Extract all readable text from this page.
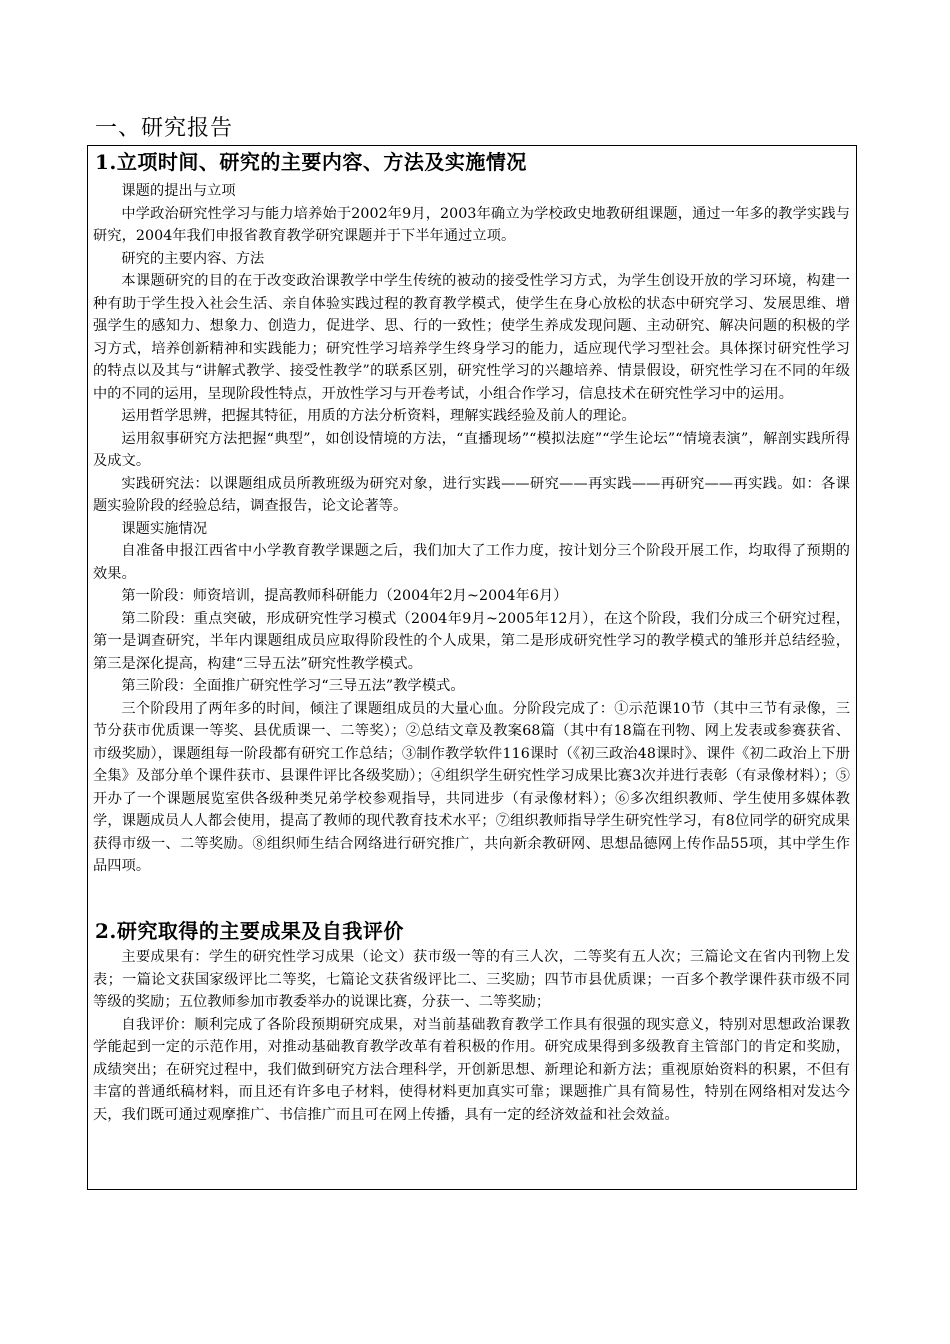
一、研究报告
1.立项时间、研究的主要内容、方法及实施情况

课题的提出与立项

中学政治研究性学习与能力培养始于2002年9月，2003年确立为学校政史地教研组课题，通过一年多的教学实践与研究，2004年我们申报省教育教学研究课题并于下半年通过立项。

研究的主要内容、方法

本课题研究的目的在于改变政治课教学中学生传统的被动的接受性学习方式，为学生创设开放的学习环境，构建一种有助于学生投入社会生活、亲自体验实践过程的教育教学模式，使学生在身心放松的状态中研究学习、发展思维、增强学生的感知力、想象力、创造力，促进学、思、行的一致性；使学生养成发现问题、主动研究、解决问题的积极的学习方式，培养创新精神和实践能力；研究性学习培养学生终身学习的能力，适应现代学习型社会。具体探讨研究性学习的特点以及其与“讲解式教学、接受性教学”的联系区别，研究性学习的兴趣培养、情景假设，研究性学习在不同的年级中的不同的运用，呈现阶段性特点，开放性学习与开卷考试，小组合作学习，信息技术在研究性学习中的运用。

运用哲学思辨，把握其特征，用质的方法分析资料，理解实践经验及前人的理论。

运用叙事研究方法把握“典型”，如创设情境的方法，“直播现场”“模拟法庭”“学生论坛”“情境表演”，解剖实践所得及成文。

实践研究法：以课题组成员所教班级为研究对象，进行实践——研究——再实践——再研究——再实践。如：各课题实验阶段的经验总结，调查报告，论文论著等。

课题实施情况

自准备申报江西省中小学教育教学课题之后，我们加大了工作力度，按计划分三个阶段开展工作，均取得了预期的效果。

第一阶段：师资培训，提高教师科研能力（2004年2月~2004年6月）

第二阶段：重点突破，形成研究性学习模式（2004年9月~2005年12月），在这个阶段，我们分成三个研究过程，第一是调查研究，半年内课题组成员应取得阶段性的个人成果，第二是形成研究性学习的教学模式的雏形并总结经验，第三是深化提高，构建“三导五法”研究性教学模式。

第三阶段：全面推广研究性学习“三导五法”教学模式。

三个阶段用了两年多的时间，倾注了课题组成员的大量心血。分阶段完成了：①示范课10节（其中三节有录像，三节分获市优质课一等奖、县优质课一、二等奖）；②总结文章及教案68篇（其中有18篇在刊物、网上发表或参赛获省、市级奖励），课题组每一阶段都有研究工作总结；③制作教学软件116课时（《初三政治48课时》、课件《初二政治上下册全集》及部分单个课件获市、县课件评比各级奖励）；④组织学生研究性学习成果比赛3次并进行表彰（有录像材料）；⑤开办了一个课题展览室供各级种类兄弟学校参观指导，共同进步（有录像材料）；⑥多次组织教师、学生使用多媒体教学，课题成员人人都会使用，提高了教师的现代教育技术水平；⑦组织教师指导学生研究性学习，有8位同学的研究成果获得市级一、二等奖励。⑧组织师生结合网络进行研究推广，共向新余教研网、思想品德网上传作品55项，其中学生作品四项。

2.研究取得的主要成果及自我评价

主要成果有：学生的研究性学习成果（论文）获市级一等的有三人次，二等奖有五人次；三篇论文在省内刊物上发表；一篇论文获国家级评比二等奖，七篇论文获省级评比二、三奖励；四节市县优质课；一百多个教学课件获市级不同等级的奖励；五位教师参加市教委举办的说课比赛，分获一、二等奖励；

自我评价：顺利完成了各阶段预期研究成果，对当前基础教育教学工作具有很强的现实意义，特别对思想政治课教学能起到一定的示范作用，对推动基础教育教学改革有着积极的作用。研究成果得到多级教育主管部门的肯定和奖励，成绩突出；在研究过程中，我们做到研究方法合理科学，开创新思想、新理论和新方法；重视原始资料的积累，不但有丰富的普通纸稿材料，而且还有许多电子材料，使得材料更加真实可靠；课题推广具有简易性，特别在网络相对发达今天，我们既可通过观摩推广、书信推广而且可在网上传播，具有一定的经济效益和社会效益。
